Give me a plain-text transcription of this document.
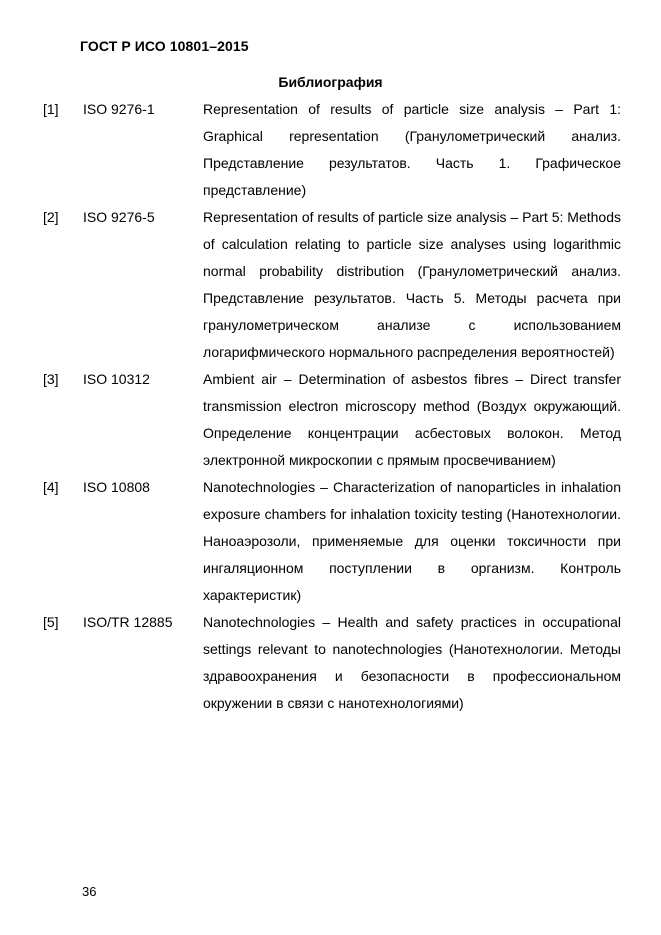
ГОСТ Р ИСО 10801–2015
Библиография
[1]	ISO 9276-1	Representation of results of particle size analysis – Part 1: Graphical representation (Гранулометрический анализ. Представление результатов. Часть 1. Графическое представление)
[2]	ISO 9276-5	Representation of results of particle size analysis – Part 5: Methods of calculation relating to particle size analyses using logarithmic normal probability distribution (Гранулометрический анализ. Представление результатов. Часть 5. Методы расчета при гранулометрическом анализе с использованием логарифмического нормального распределения вероятностей)
[3]	ISO 10312	Ambient air – Determination of asbestos fibres – Direct transfer transmission electron microscopy method (Воздух окружающий. Определение концентрации асбестовых волокон. Метод электронной микроскопии с прямым просвечиванием)
[4]	ISO 10808	Nanotechnologies – Characterization of nanoparticles in inhalation exposure chambers for inhalation toxicity testing (Нанотехнологии. Наноаэрозоли, применяемые для оценки токсичности при ингаляционном поступлении в организм. Контроль характеристик)
[5]	ISO/TR 12885	Nanotechnologies – Health and safety practices in occupational settings relevant to nanotechnologies (Нанотехнологии. Методы здравоохранения и безопасности в профессиональном окружении в связи с нанотехнологиями)
36
